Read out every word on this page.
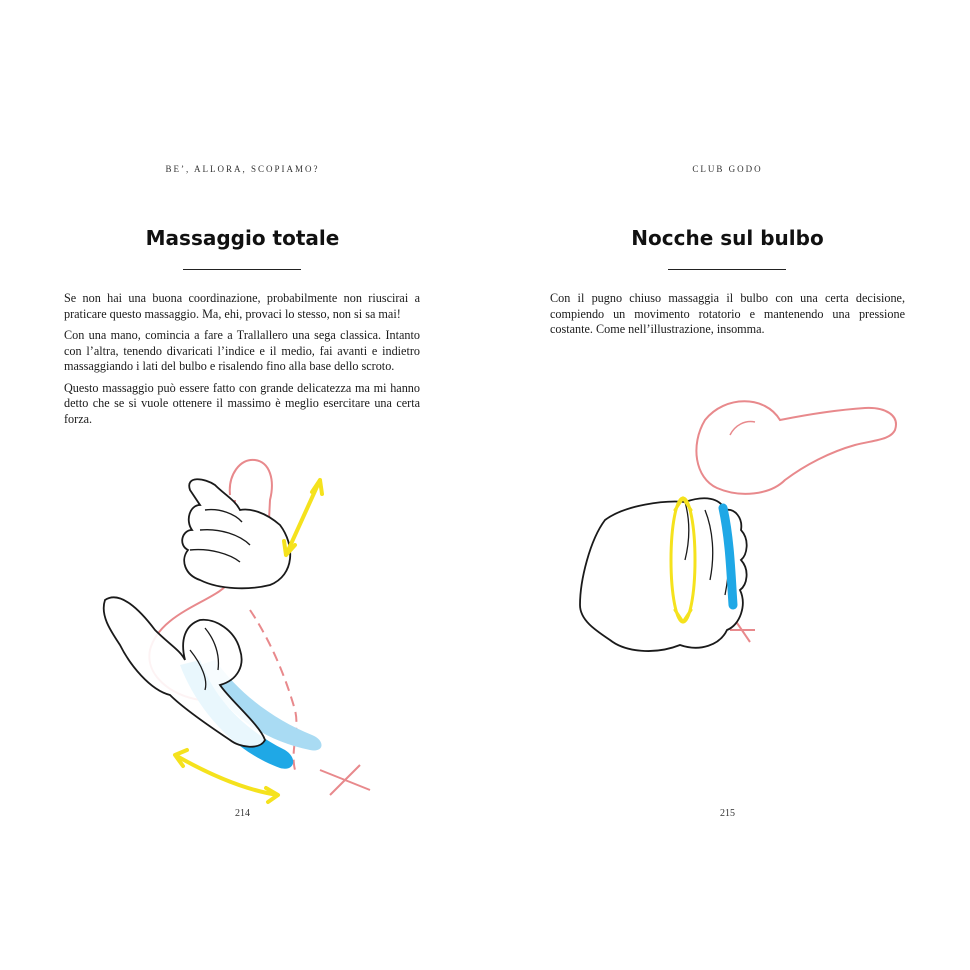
BE’, ALLORA, SCOPIAMO?
Massaggio totale

Se non hai una buona coordinazione, probabilmente non riuscirai a praticare questo massaggio. Ma, ehi, provaci lo stesso, non si sa mai!

Con una mano, comincia a fare a Trallallero una sega classica. Intanto con l’altra, tenendo divaricati l’indice e il medio, fai avanti e indietro massaggiando i lati del bulbo e risalendo fino alla base dello scroto.

Questo massaggio può essere fatto con grande delicatezza ma mi hanno detto che se si vuole ottenere il massimo è meglio esercitare una certa forza.

214
CLUB GODO
Nocche sul bulbo

Con il pugno chiuso massaggia il bulbo con una certa decisione, compiendo un movimento rotatorio e mantenendo una pressione costante. Come nell’illustrazione, insomma.

215
